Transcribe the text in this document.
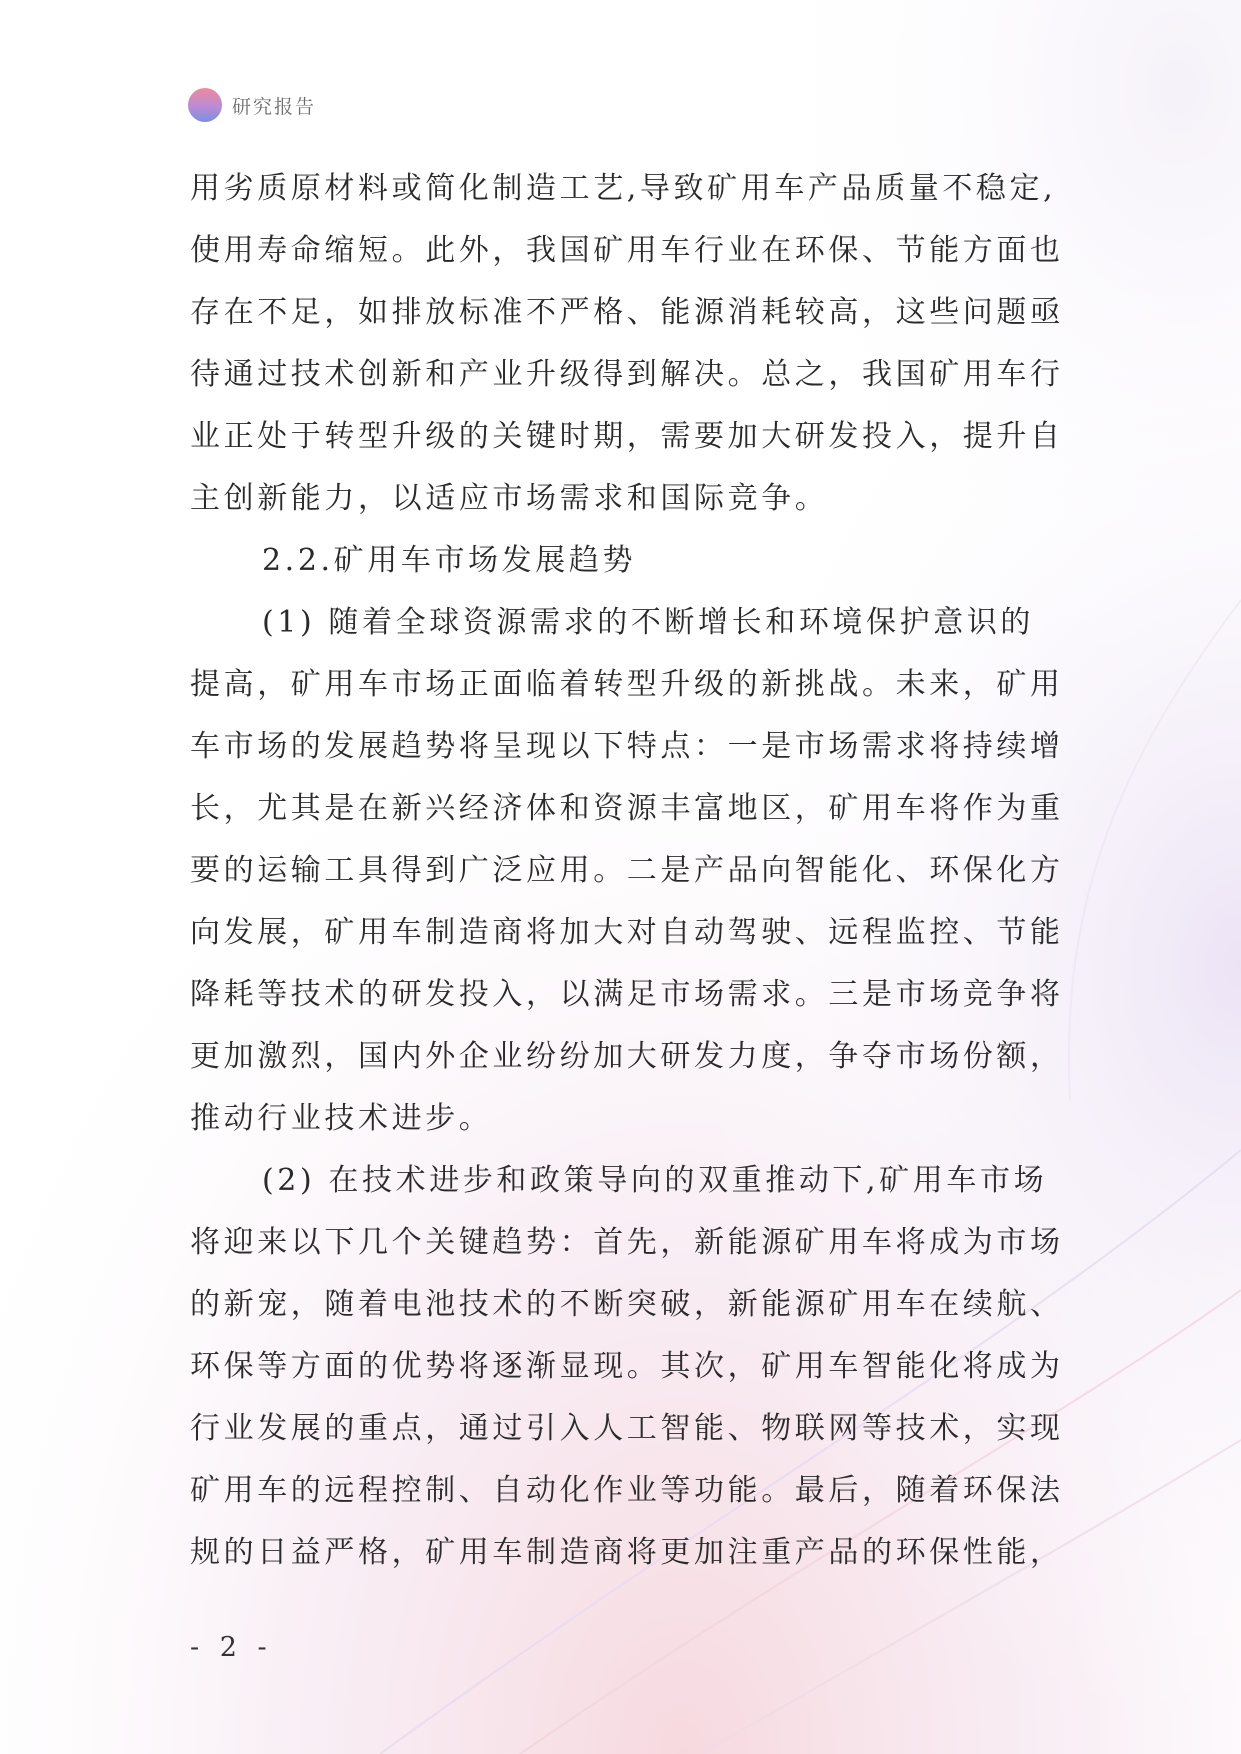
研究报告
用劣质原材料或简化制造工艺,导致矿用车产品质量不稳定,
使用寿命缩短。此外，我国矿用车行业在环保、节能方面也
存在不足，如排放标准不严格、能源消耗较高，这些问题亟
待通过技术创新和产业升级得到解决。总之，我国矿用车行
业正处于转型升级的关键时期，需要加大研发投入，提升自
主创新能力，以适应市场需求和国际竞争。
2.2.矿用车市场发展趋势
(1) 随着全球资源需求的不断增长和环境保护意识的
提高，矿用车市场正面临着转型升级的新挑战。未来，矿用
车市场的发展趋势将呈现以下特点：一是市场需求将持续增
长，尤其是在新兴经济体和资源丰富地区，矿用车将作为重
要的运输工具得到广泛应用。二是产品向智能化、环保化方
向发展，矿用车制造商将加大对自动驾驶、远程监控、节能
降耗等技术的研发投入，以满足市场需求。三是市场竞争将
更加激烈，国内外企业纷纷加大研发力度，争夺市场份额，
推动行业技术进步。
(2) 在技术进步和政策导向的双重推动下,矿用车市场
将迎来以下几个关键趋势：首先，新能源矿用车将成为市场
的新宠，随着电池技术的不断突破，新能源矿用车在续航、
环保等方面的优势将逐渐显现。其次，矿用车智能化将成为
行业发展的重点，通过引入人工智能、物联网等技术，实现
矿用车的远程控制、自动化作业等功能。最后，随着环保法
规的日益严格，矿用车制造商将更加注重产品的环保性能，
- 2 -
